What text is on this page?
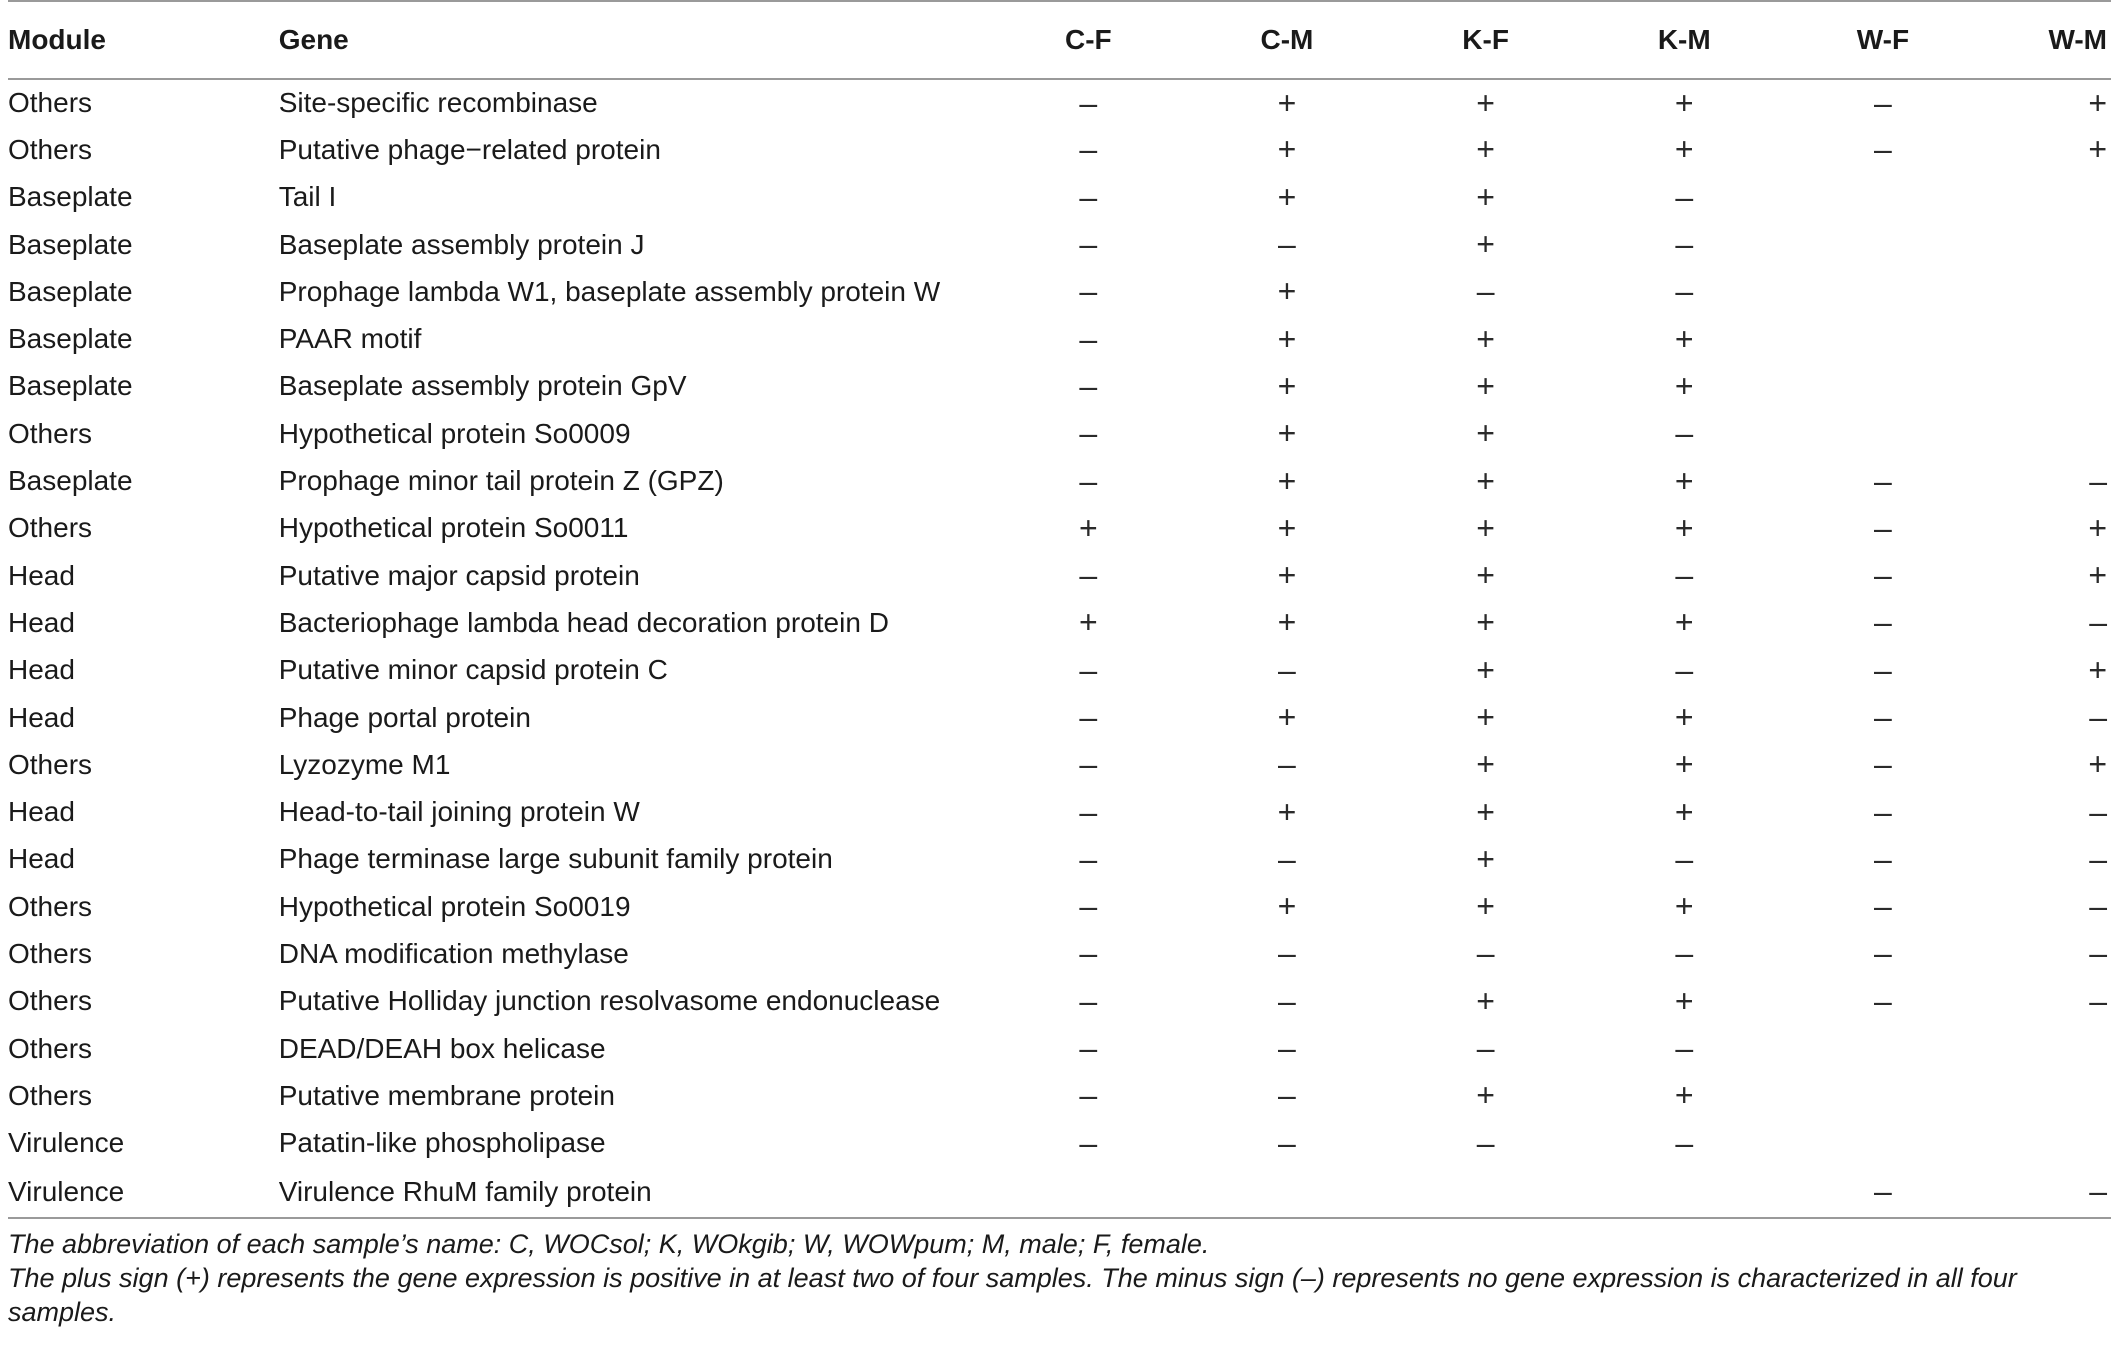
Module	Gene	C-F	C-M	K-F	K-M	W-F	W-M
Others	Site-specific recombinase	–	+	+	+	–	+
Others	Putative phage−related protein	–	+	+	+	–	+
Baseplate	Tail I	–	+	+	–		
Baseplate	Baseplate assembly protein J	–	–	+	–		
Baseplate	Prophage lambda W1, baseplate assembly protein W	–	+	–	–		
Baseplate	PAAR motif	–	+	+	+		
Baseplate	Baseplate assembly protein GpV	–	+	+	+		
Others	Hypothetical protein So0009	–	+	+	–		
Baseplate	Prophage minor tail protein Z (GPZ)	–	+	+	+	–	–
Others	Hypothetical protein So0011	+	+	+	+	–	+
Head	Putative major capsid protein	–	+	+	–	–	+
Head	Bacteriophage lambda head decoration protein D	+	+	+	+	–	–
Head	Putative minor capsid protein C	–	–	+	–	–	+
Head	Phage portal protein	–	+	+	+	–	–
Others	Lyzozyme M1	–	–	+	+	–	+
Head	Head-to-tail joining protein W	–	+	+	+	–	–
Head	Phage terminase large subunit family protein	–	–	+	–	–	–
Others	Hypothetical protein So0019	–	+	+	+	–	–
Others	DNA modification methylase	–	–	–	–	–	–
Others	Putative Holliday junction resolvasome endonuclease	–	–	+	+	–	–
Others	DEAD/DEAH box helicase	–	–	–	–		
Others	Putative membrane protein	–	–	+	+		
Virulence	Patatin-like phospholipase	–	–	–	–		
Virulence	Virulence RhuM family protein					–	–

The abbreviation of each sample’s name: C, WOCsol; K, WOkgib; W, WOWpum; M, male; F, female.

The plus sign (+) represents the gene expression is positive in at least two of four samples. The minus sign (–) represents no gene expression is characterized in all four samples.
